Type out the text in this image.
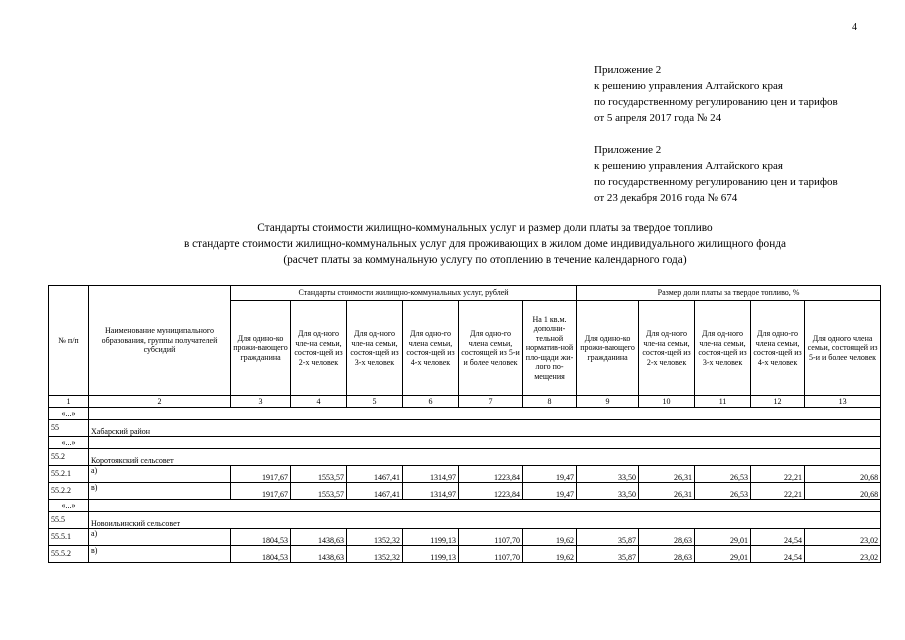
4
Приложение 2
к решению управления Алтайского края
по государственному регулированию цен и тарифов
от 5 апреля 2017 года № 24
Приложение 2
к решению управления Алтайского края
по государственному регулированию цен и тарифов
от 23 декабря 2016 года № 674
Стандарты стоимости жилищно-коммунальных услуг и размер доли платы за твердое топливо
в стандарте стоимости жилищно-коммунальных услуг для проживающих в жилом доме индивидуального жилищного фонда
(расчет платы за коммунальную услугу по отоплению в течение календарного года)
№ п/п	Наименование муниципального образования, группы получателей субсидий	Стандарты стоимости жилищно-коммунальных услуг, рублей						Размер доли платы за твердое топливо, %				
		Для одино-ко прожи-вающего гражданина	Для од-ного чле-на семьи, состоя-щей из 2-х человек	Для од-ного чле-на семьи, состоя-щей из 3-х человек	Для одно-го члена семьи, состоя-щей из 4-х человек	Для одно-го члена семьи, состоящей из 5-и и более человек	На 1 кв.м. дополни-тельной норматив-ной пло-щади жи-лого по-мещения	Для одино-ко прожи-вающего гражданина	Для од-ного чле-на семьи, состоя-щей из 2-х человек	Для од-ного чле-на семьи, состоя-щей из 3-х человек	Для одно-го члена семьи, состоя-щей из 4-х человек	Для одного члена семьи, состоящей из 5-и и более человек
1	2	3	4	5	6	7	8	9	10	11	12	13
«...»												
55	Хабарский район											
«...»												
55.2	Коротоякский сельсовет											
55.2.1	а)	1917,67	1553,57	1467,41	1314,97	1223,84	19,47	33,50	26,31	26,53	22,21	20,68
55.2.2	в)	1917,67	1553,57	1467,41	1314,97	1223,84	19,47	33,50	26,31	26,53	22,21	20,68
«...»												
55.5	Новоильинский сельсовет											
55.5.1	а)	1804,53	1438,63	1352,32	1199,13	1107,70	19,62	35,87	28,63	29,01	24,54	23,02
55.5.2	в)	1804,53	1438,63	1352,32	1199,13	1107,70	19,62	35,87	28,63	29,01	24,54	23,02
